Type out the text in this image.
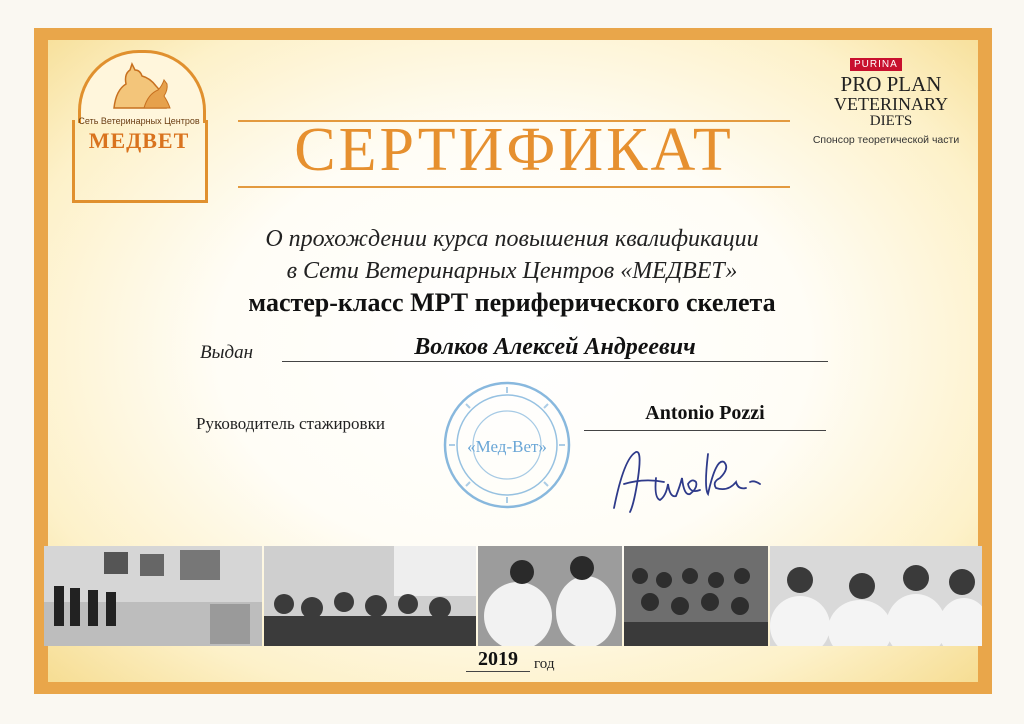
Сеть Ветеринарных Центров
МЕДВЕТ
PURINA
PRO PLAN
VETERINARY
DIETS
Спонсор теоретической части
СЕРТИФИКАТ
О прохождении курса повышения квалификации
в Сети Ветеринарных Центров «МЕДВЕТ»
мастер-класс МРТ периферического скелета
Выдан	Волков Алексей Андреевич
Руководитель стажировки	Antonio Pozzi
«Мед-Вет»
2019	год
